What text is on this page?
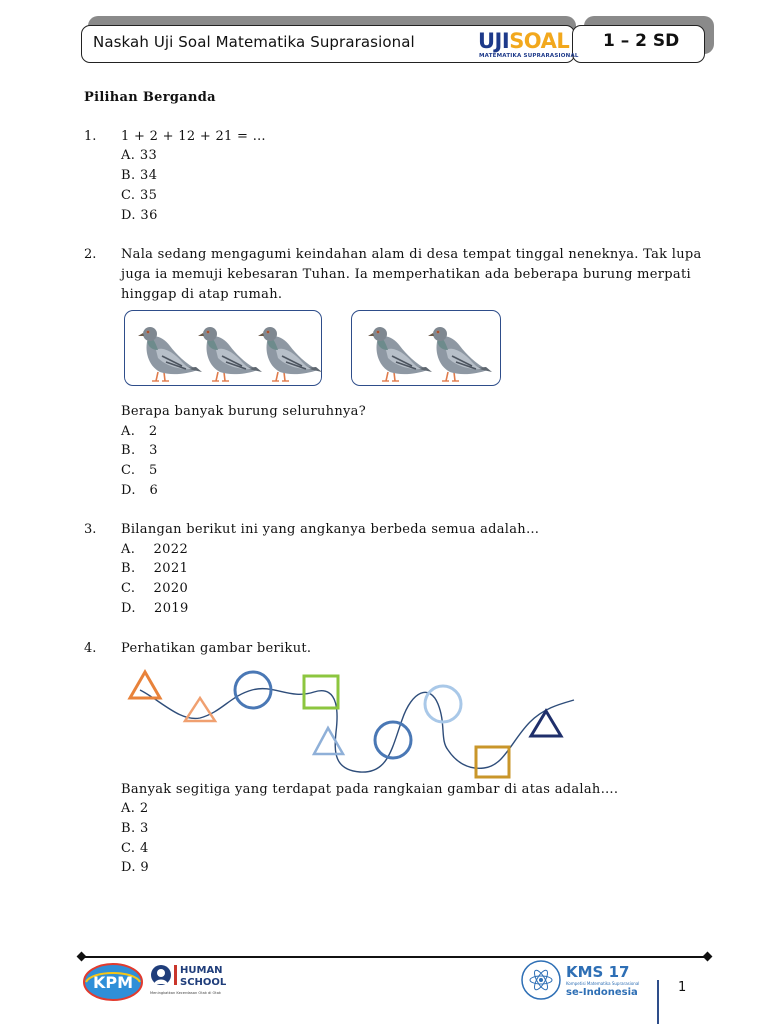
Naskah Uji Soal Matematika Suprarasional	UJISOAL
MATEMATIKA SUPRARASIONAL
1 – 2 SD
Pilihan Berganda
1. 1 + 2 + 12 + 21 = …
A. 33
B. 34
C. 35
D. 36
2. Nala sedang mengagumi keindahan alam di desa tempat tinggal neneknya. Tak lupa
juga ia memuji kebesaran Tuhan. Ia memperhatikan ada beberapa burung merpati
hinggap di atap rumah.
Berapa banyak burung seluruhnya?
A.   2
B.   3
C.   5
D.   6
3. Bilangan berikut ini yang angkanya berbeda semua adalah…
A.    2022
B.    2021
C.    2020
D.    2019
4. Perhatikan gambar berikut.
Banyak segitiga yang terdapat pada rangkaian gambar di atas adalah….
A. 2
B. 3
C. 4
D. 9
KPM
HUMAN
SCHOOL
Meningkatkan Kecerdasan Otak di Otak
KMS 17
Kompetisi Matematika Suprarasional
se-Indonesia	1
